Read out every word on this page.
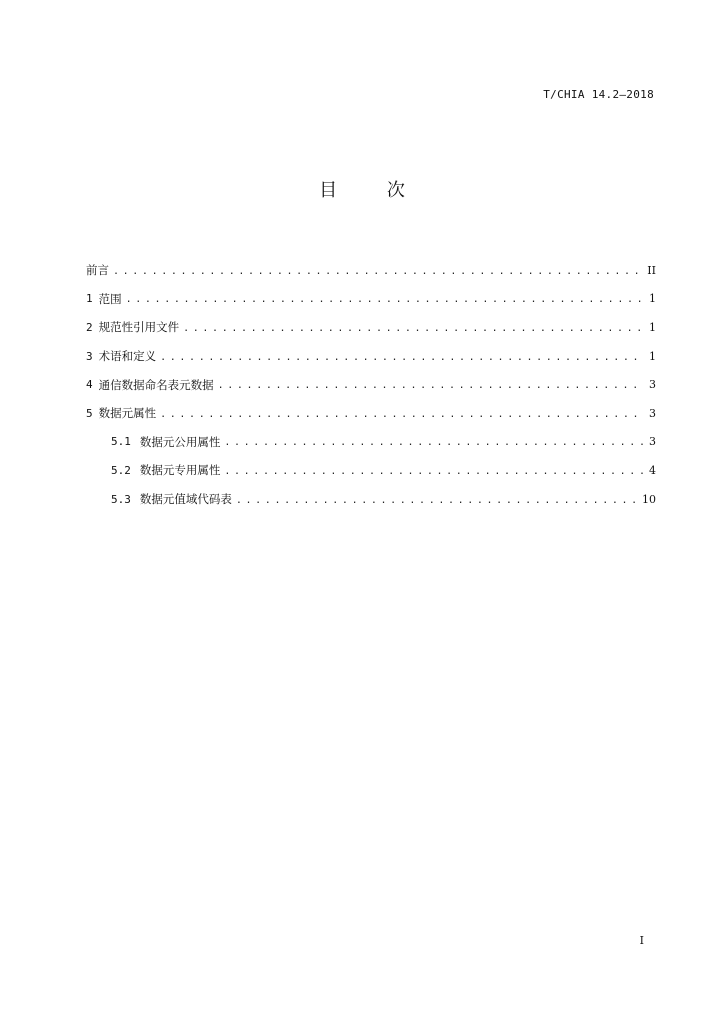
T/CHIA 14.2—2018
目 次
前言 . . .	II
1 范围 . . .	1
2 规范性引用文件 . . .	1
3 术语和定义 . . .	1
4 通信数据命名表元数据 . . .	3
5 数据元属性 . . .	3
5.1 数据元公用属性 . . .	3
5.2 数据元专用属性 . . .	4
5.3 数据元值域代码表 . . .	10
I
